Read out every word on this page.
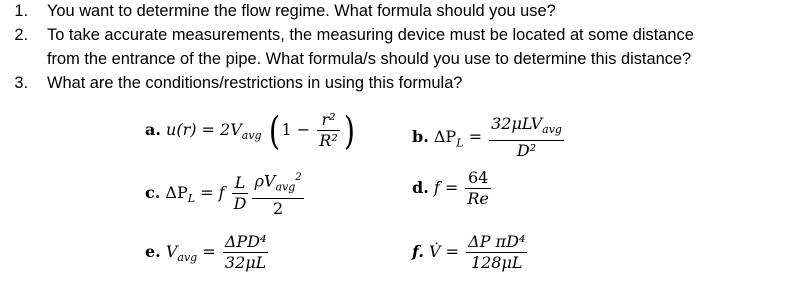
1. You want to determine the flow regime. What formula should you use?
2. To take accurate measurements, the measuring device must be located at some distance
from the entrance of the pipe. What formula/s should you use to determine this distance?
3. What are the conditions/restrictions in using this formula?
a. $u(r) = 2V_{avg}$ ( $1 - \frac{\text{r²}}{\text{R²}}$ )	b. $\Delta P_L = \frac{32\mu LV_{avg}}{\text{D²}}$
c. $\Delta P_L = f \frac{L}{D} \frac{\rho V_{avg}^2}{2}$	d. $f = \frac{64}{Re}$
e. $V_{avg} = \frac{\text{ΔPD⁴}}{32\mu L}$	f. V̇ = $\frac{\text{ΔP πD⁴}}{128\mu L}$
